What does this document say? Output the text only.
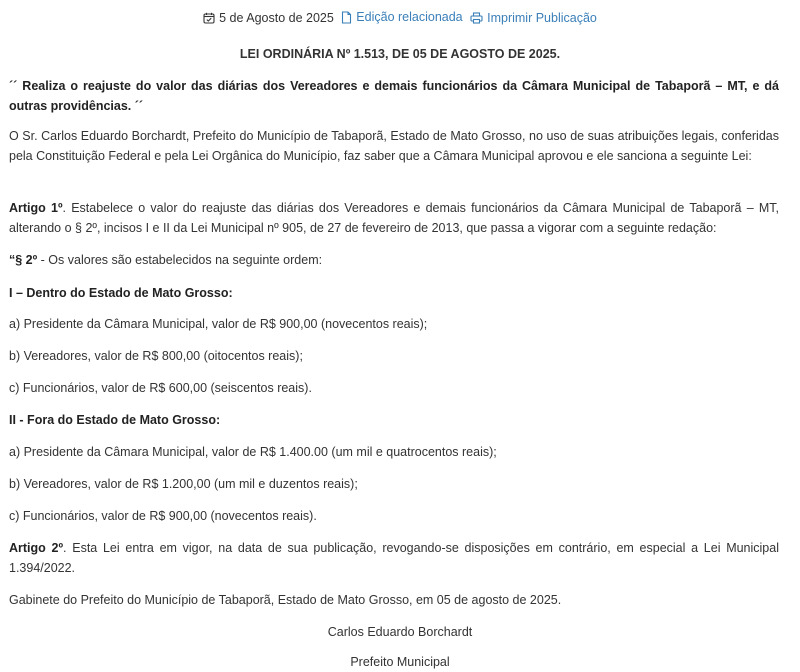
5 de Agosto de 2025
Edição relacionada
Imprimir Publicação
LEI ORDINÁRIA Nº 1.513, DE 05 DE AGOSTO DE 2025.

´´ Realiza o reajuste do valor das diárias dos Vereadores e demais funcionários da Câmara Municipal de Tabaporã – MT, e dá outras providências. ´´

O Sr. Carlos Eduardo Borchardt, Prefeito do Município de Tabaporã, Estado de Mato Grosso, no uso de suas atribuições legais, conferidas pela Constituição Federal e pela Lei Orgânica do Município, faz saber que a Câmara Municipal aprovou e ele sanciona a seguinte Lei:

Artigo 1º. Estabelece o valor do reajuste das diárias dos Vereadores e demais funcionários da Câmara Municipal de Tabaporã – MT, alterando o § 2º, incisos I e II da Lei Municipal nº 905, de 27 de fevereiro de 2013, que passa a vigorar com a seguinte redação:

“§ 2º - Os valores são estabelecidos na seguinte ordem:

I – Dentro do Estado de Mato Grosso:

a) Presidente da Câmara Municipal, valor de R$ 900,00 (novecentos reais);

b) Vereadores, valor de R$ 800,00 (oitocentos reais);

c) Funcionários, valor de R$ 600,00 (seiscentos reais).

II - Fora do Estado de Mato Grosso:

a) Presidente da Câmara Municipal, valor de R$ 1.400.00 (um mil e quatrocentos reais);

b) Vereadores, valor de R$ 1.200,00 (um mil e duzentos reais);

c) Funcionários, valor de R$ 900,00 (novecentos reais).

Artigo 2º. Esta Lei entra em vigor, na data de sua publicação, revogando-se disposições em contrário, em especial a Lei Municipal 1.394/2022.

Gabinete do Prefeito do Município de Tabaporã, Estado de Mato Grosso, em 05 de agosto de 2025.

Carlos Eduardo Borchardt

Prefeito Municipal
